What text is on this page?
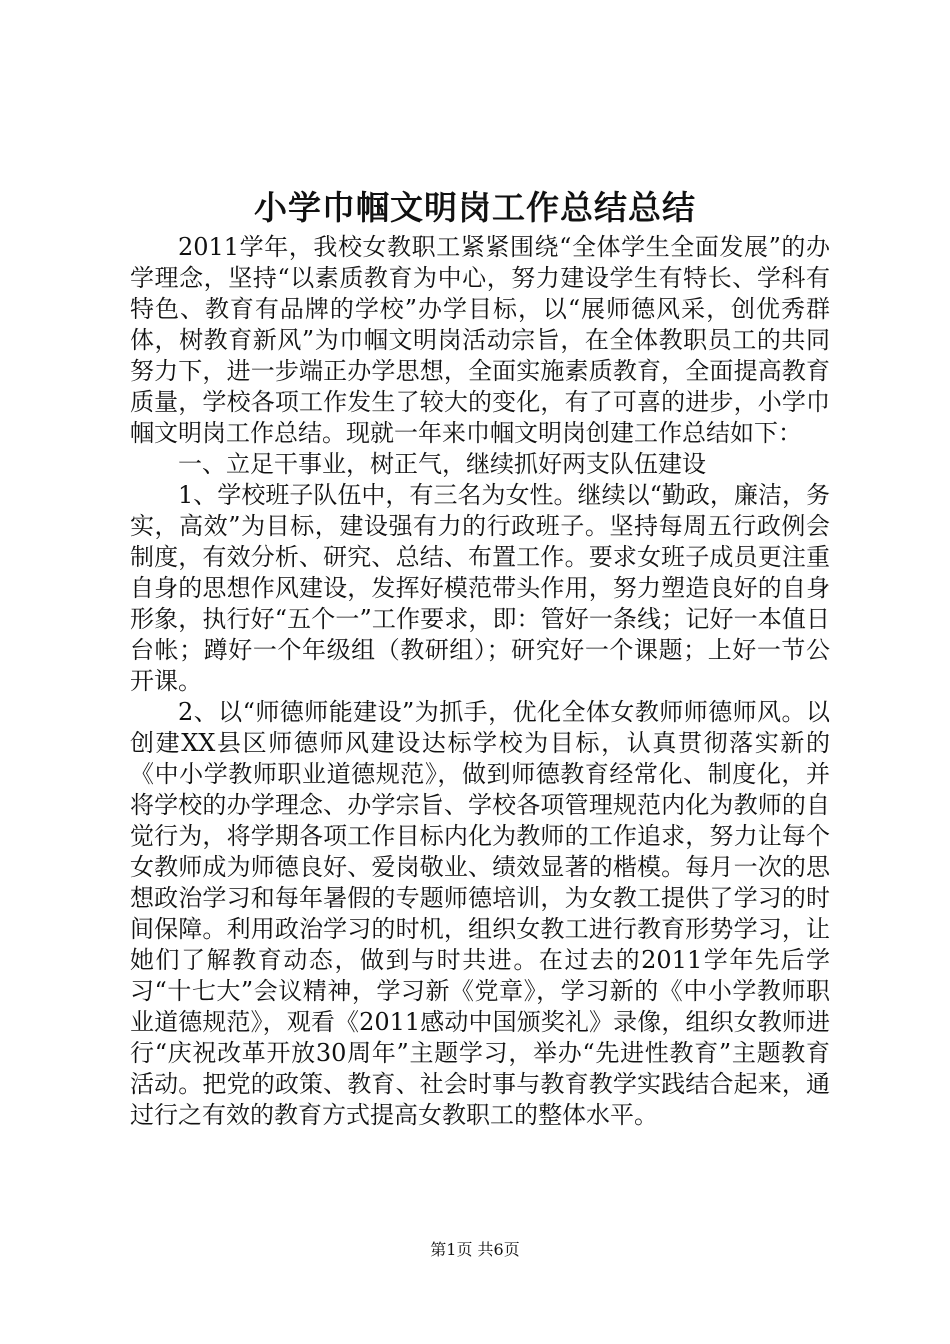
小学巾帼文明岗工作总结总结

2011学年，我校女教职工紧紧围绕“全体学生全面发展”的办学理念，坚持“以素质教育为中心，努力建设学生有特长、学科有特色、教育有品牌的学校”办学目标，以“展师德风采，创优秀群体，树教育新风”为巾帼文明岗活动宗旨，在全体教职员工的共同努力下，进一步端正办学思想，全面实施素质教育，全面提高教育质量，学校各项工作发生了较大的变化，有了可喜的进步，小学巾帼文明岗工作总结。现就一年来巾帼文明岗创建工作总结如下：

一、立足干事业，树正气，继续抓好两支队伍建设

1、学校班子队伍中，有三名为女性。继续以“勤政，廉洁，务实，高效”为目标，建设强有力的行政班子。坚持每周五行政例会制度，有效分析、研究、总结、布置工作。要求女班子成员更注重自身的思想作风建设，发挥好模范带头作用，努力塑造良好的自身形象，执行好“五个一”工作要求，即：管好一条线；记好一本值日台帐；蹲好一个年级组（教研组）；研究好一个课题；上好一节公开课。

2、以“师德师能建设”为抓手，优化全体女教师师德师风。以创建XX县区师德师风建设达标学校为目标，认真贯彻落实新的《中小学教师职业道德规范》，做到师德教育经常化、制度化，并将学校的办学理念、办学宗旨、学校各项管理规范内化为教师的自觉行为，将学期各项工作目标内化为教师的工作追求，努力让每个女教师成为师德良好、爱岗敬业、绩效显著的楷模。每月一次的思想政治学习和每年暑假的专题师德培训，为女教工提供了学习的时间保障。利用政治学习的时机，组织女教工进行教育形势学习，让她们了解教育动态，做到与时共进。在过去的2011学年先后学习“十七大”会议精神，学习新《党章》，学习新的《中小学教师职业道德规范》，观看《2011感动中国颁奖礼》录像，组织女教师进行“庆祝改革开放30周年”主题学习，举办“先进性教育”主题教育活动。把党的政策、教育、社会时事与教育教学实践结合起来，通过行之有效的教育方式提高女教职工的整体水平。

第1页 共6页
